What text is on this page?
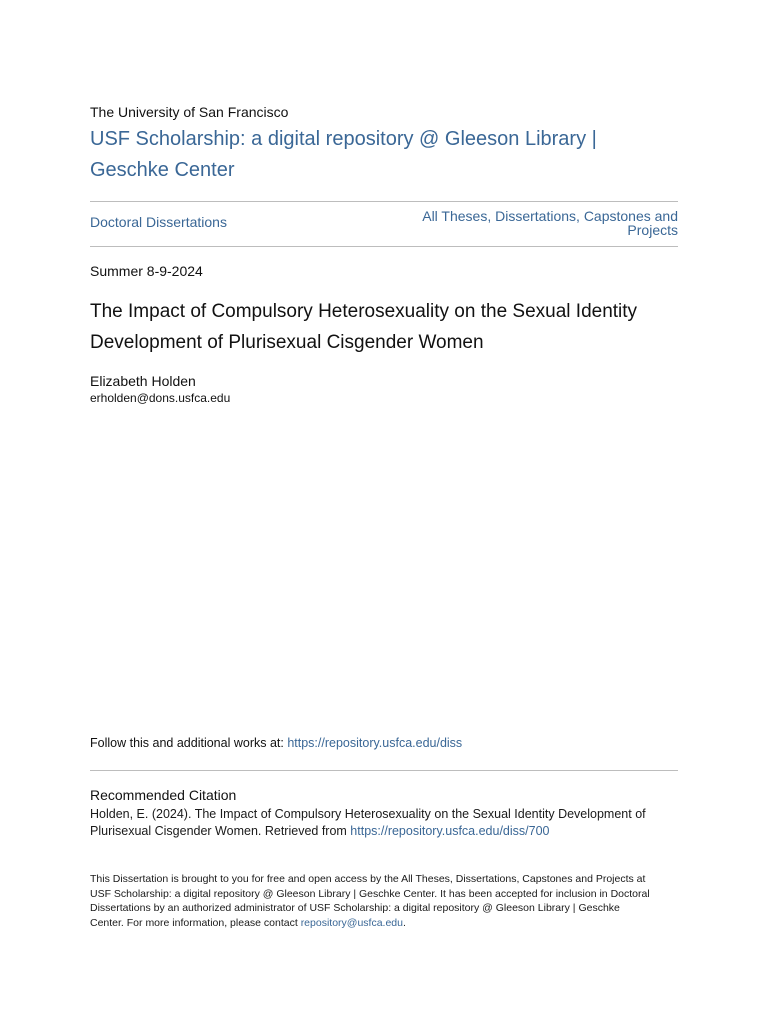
The University of San Francisco
USF Scholarship: a digital repository @ Gleeson Library | Geschke Center
Doctoral Dissertations	All Theses, Dissertations, Capstones and Projects
Summer 8-9-2024
The Impact of Compulsory Heterosexuality on the Sexual Identity Development of Plurisexual Cisgender Women
Elizabeth Holden
erholden@dons.usfca.edu
Follow this and additional works at: https://repository.usfca.edu/diss
Recommended Citation
Holden, E. (2024). The Impact of Compulsory Heterosexuality on the Sexual Identity Development of Plurisexual Cisgender Women. Retrieved from https://repository.usfca.edu/diss/700
This Dissertation is brought to you for free and open access by the All Theses, Dissertations, Capstones and Projects at USF Scholarship: a digital repository @ Gleeson Library | Geschke Center. It has been accepted for inclusion in Doctoral Dissertations by an authorized administrator of USF Scholarship: a digital repository @ Gleeson Library | Geschke Center. For more information, please contact repository@usfca.edu.
